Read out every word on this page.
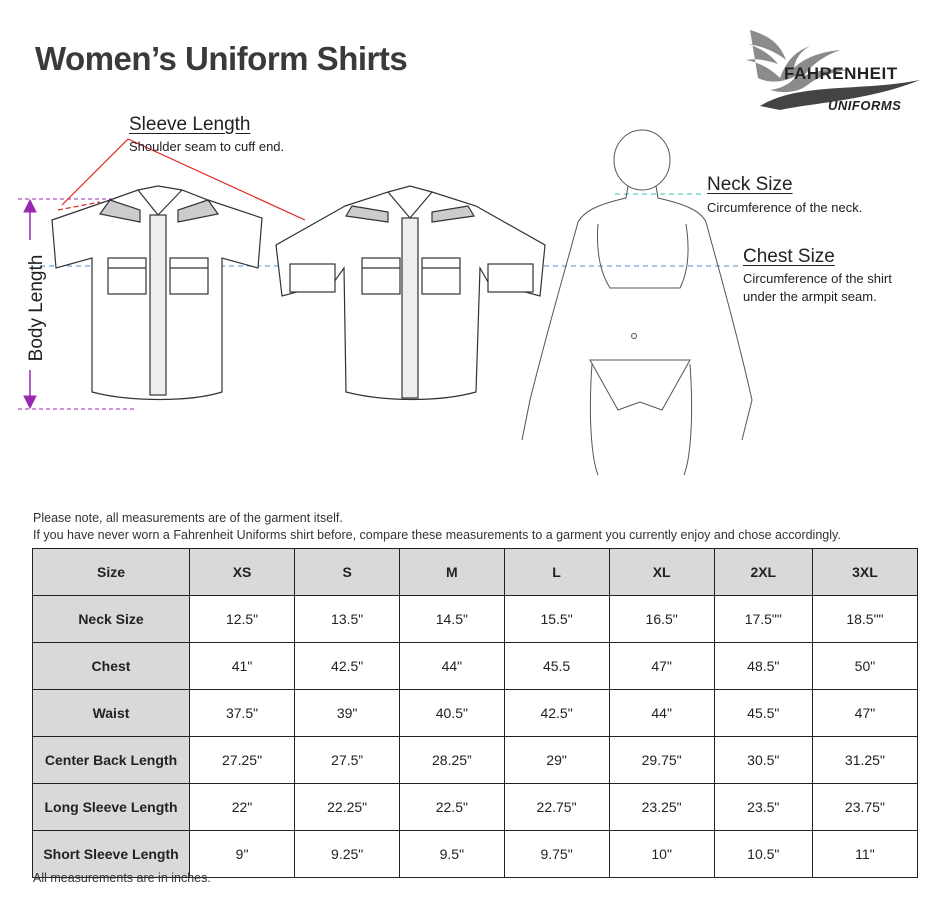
Women’s Uniform Shirts	FAHRENHEIT
UNIFORMS
Sleeve Length
Shoulder seam to cuff end.
Body Length
Neck Size
Circumference of the neck.
Chest Size
Circumference of the shirt
under the armpit seam.
Please note, all measurements are of the garment itself.
If you have never worn a Fahrenheit Uniforms shirt before, compare these measurements to a garment you currently enjoy and chose accordingly.
Size	XS	S	M	L	XL	2XL	3XL
Neck Size	12.5"	13.5"	14.5"	15.5"	16.5"	17.5""	18.5""
Chest	41"	42.5"	44"	45.5	47"	48.5"	50"
Waist	37.5"	39"	40.5"	42.5"	44"	45.5"	47"
Center Back Length	27.25"	27.5”	28.25”	29"	29.75"	30.5"	31.25"
Long Sleeve Length	22"	22.25"	22.5"	22.75"	23.25"	23.5"	23.75"
Short Sleeve Length	9"	9.25"	9.5"	9.75"	10"	10.5"	11"
All measurements are in inches.
